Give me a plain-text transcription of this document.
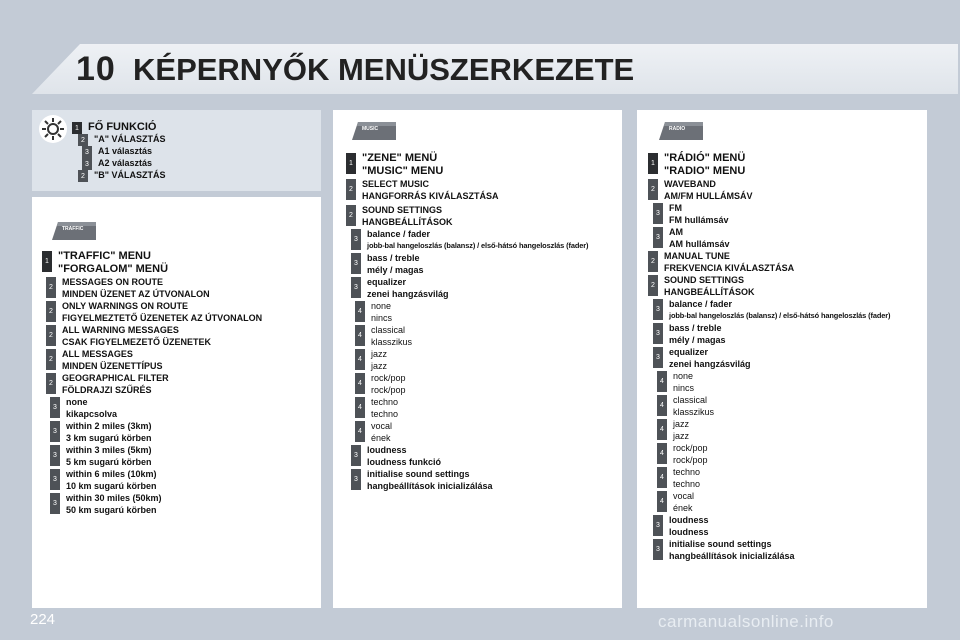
10 KÉPERNYŐK MENÜSZERKEZETE
TRAFFIC
MUSIC	RADIO
1 FŐ FUNKCIÓ
2	"A" VÁLASZTÁS
3	A1 választás
3	A2 választás
2	"B" VÁLASZTÁS
1 "TRAFFIC" MENU
"FORGALOM" MENÜ
2
MESSAGES ON ROUTE
MINDEN ÜZENET AZ ÚTVONALON
2
ONLY WARNINGS ON ROUTE
FIGYELMEZTETŐ ÜZENETEK AZ ÚTVONALON
2
ALL WARNING MESSAGES
CSAK FIGYELMEZETŐ ÜZENETEK
2
ALL MESSAGES
MINDEN ÜZENETTÍPUS
2
GEOGRAPHICAL FILTER
FÖLDRAJZI SZŰRÉS
3
none
kikapcsolva
3
within 2 miles (3km)
3 km sugarú körben
3
within 3 miles (5km)
5 km sugarú körben
3
within 6 miles (10km)
10 km sugarú körben
3
within 30 miles (50km)
50 km sugarú körben
1 "ZENE" MENÜ
"MUSIC" MENU
2
SELECT MUSIC
HANGFORRÁS KIVÁLASZTÁSA
2
SOUND SETTINGS
HANGBEÁLLÍTÁSOK
3
balance / fader
jobb-bal hangeloszlás (balansz) / első-hátsó hangeloszlás (fader)
3
bass / treble
mély / magas
3
equalizer
zenei hangzásvilág
4
none
nincs
4
classical
klasszikus
4
jazz
jazz
4
rock/pop
rock/pop
4
techno
techno
4
vocal
ének
3
loudness
loudness funkció
3
initialise sound settings
hangbeállítások inicializálása
1 "RÁDIÓ" MENÜ
"RADIO" MENU
2
WAVEBAND
AM/FM HULLÁMSÁV
3
FM
FM hullámsáv
3
AM
AM hullámsáv
2
MANUAL TUNE
FREKVENCIA KIVÁLASZTÁSA
2
SOUND SETTINGS
HANGBEÁLLÍTÁSOK
3
balance / fader
jobb-bal hangeloszlás (balansz) / első-hátsó hangeloszlás (fader)
3
bass / treble
mély / magas
3
equalizer
zenei hangzásvilág
4
none
nincs
4
classical
klasszikus
4
jazz
jazz
4
rock/pop
rock/pop
4
techno
techno
4
vocal
ének
3
loudness
loudness
3
initialise sound settings
hangbeállítások inicializálása
224	carmanualsonline.info
